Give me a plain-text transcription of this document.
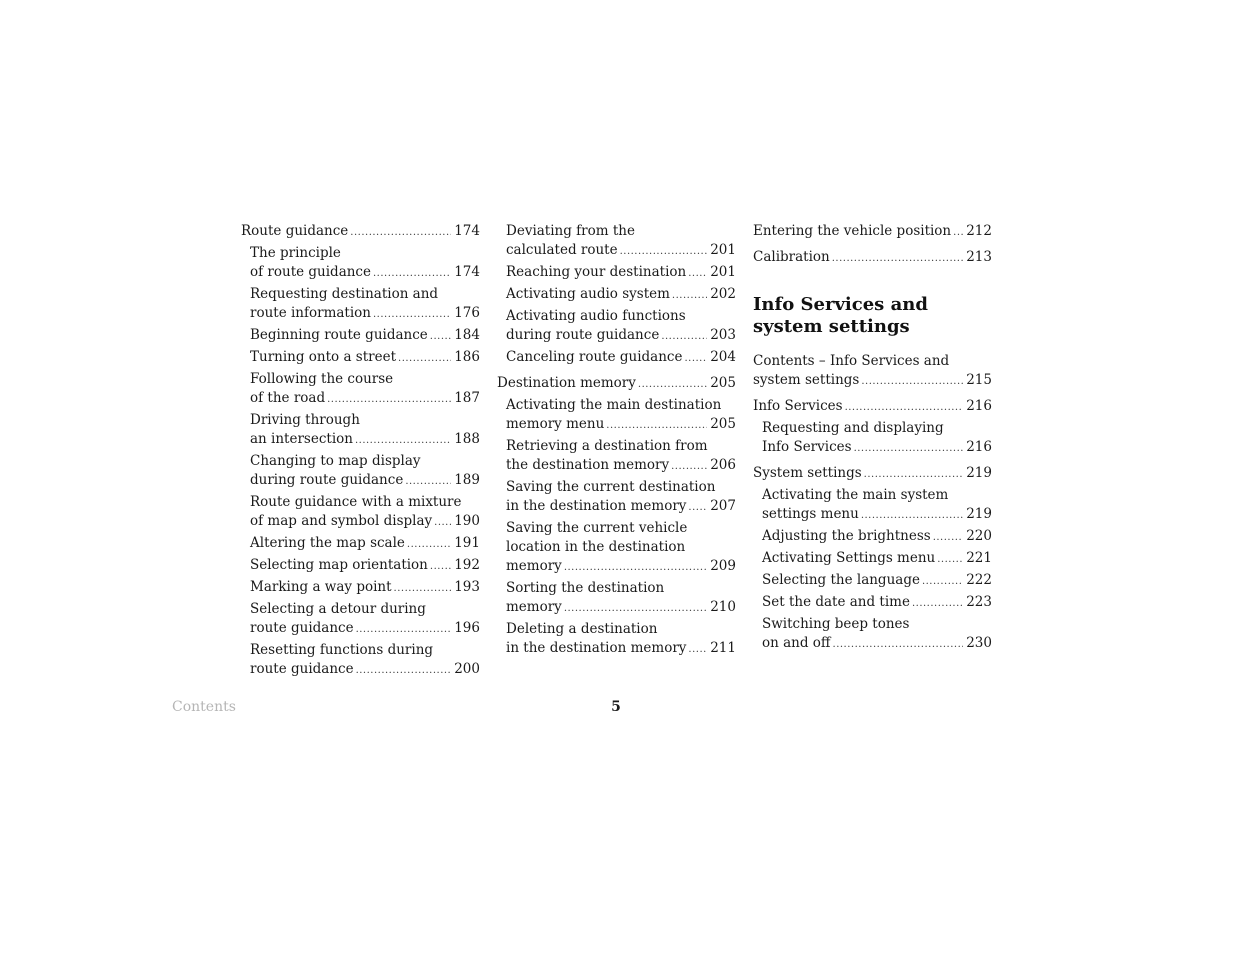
Route guidance .....	174
The principle
of route guidance .....	174
Requesting destination and
route information .....	176
Beginning route guidance ..... 184
Turning onto a street .....	186
Following the course
of the road .....	187
Driving through
an intersection .....	188
Changing to map display
during route guidance .....	189
Route guidance with a mixture
of map and symbol display ..... 190
Altering the map scale .....	191
Selecting map orientation ..... 192
Marking a way point .....	193
Selecting a detour during
route guidance .....	196
Resetting functions during
route guidance .....	200
Deviating from the
calculated route .....	201
Reaching your destination ..... 201
Activating audio system .....	202
Activating audio functions
during route guidance .....	203
Canceling route guidance ..... 204
Destination memory .....	205
Activating the main destination
memory menu .....	205
Retrieving a destination from
the destination memory .....	206
Saving the current destination
in the destination memory ..... 207
Saving the current vehicle
location in the destination
memory .....	209
Sorting the destination
memory .....	210
Deleting a destination
in the destination memory ..... 211
Entering the vehicle position ..... 212
Calibration .....	213
Info Services and system settings
Contents – Info Services and
system settings .....	215
Info Services .....	216
Requesting and displaying
Info Services .....	216
System settings .....	219
Activating the main system
settings menu .....	219
Adjusting the brightness .....	220
Activating Settings menu ..... 221
Selecting the language .....	222
Set the date and time .....	223
Switching beep tones
on and off .....	230
Contents	5
